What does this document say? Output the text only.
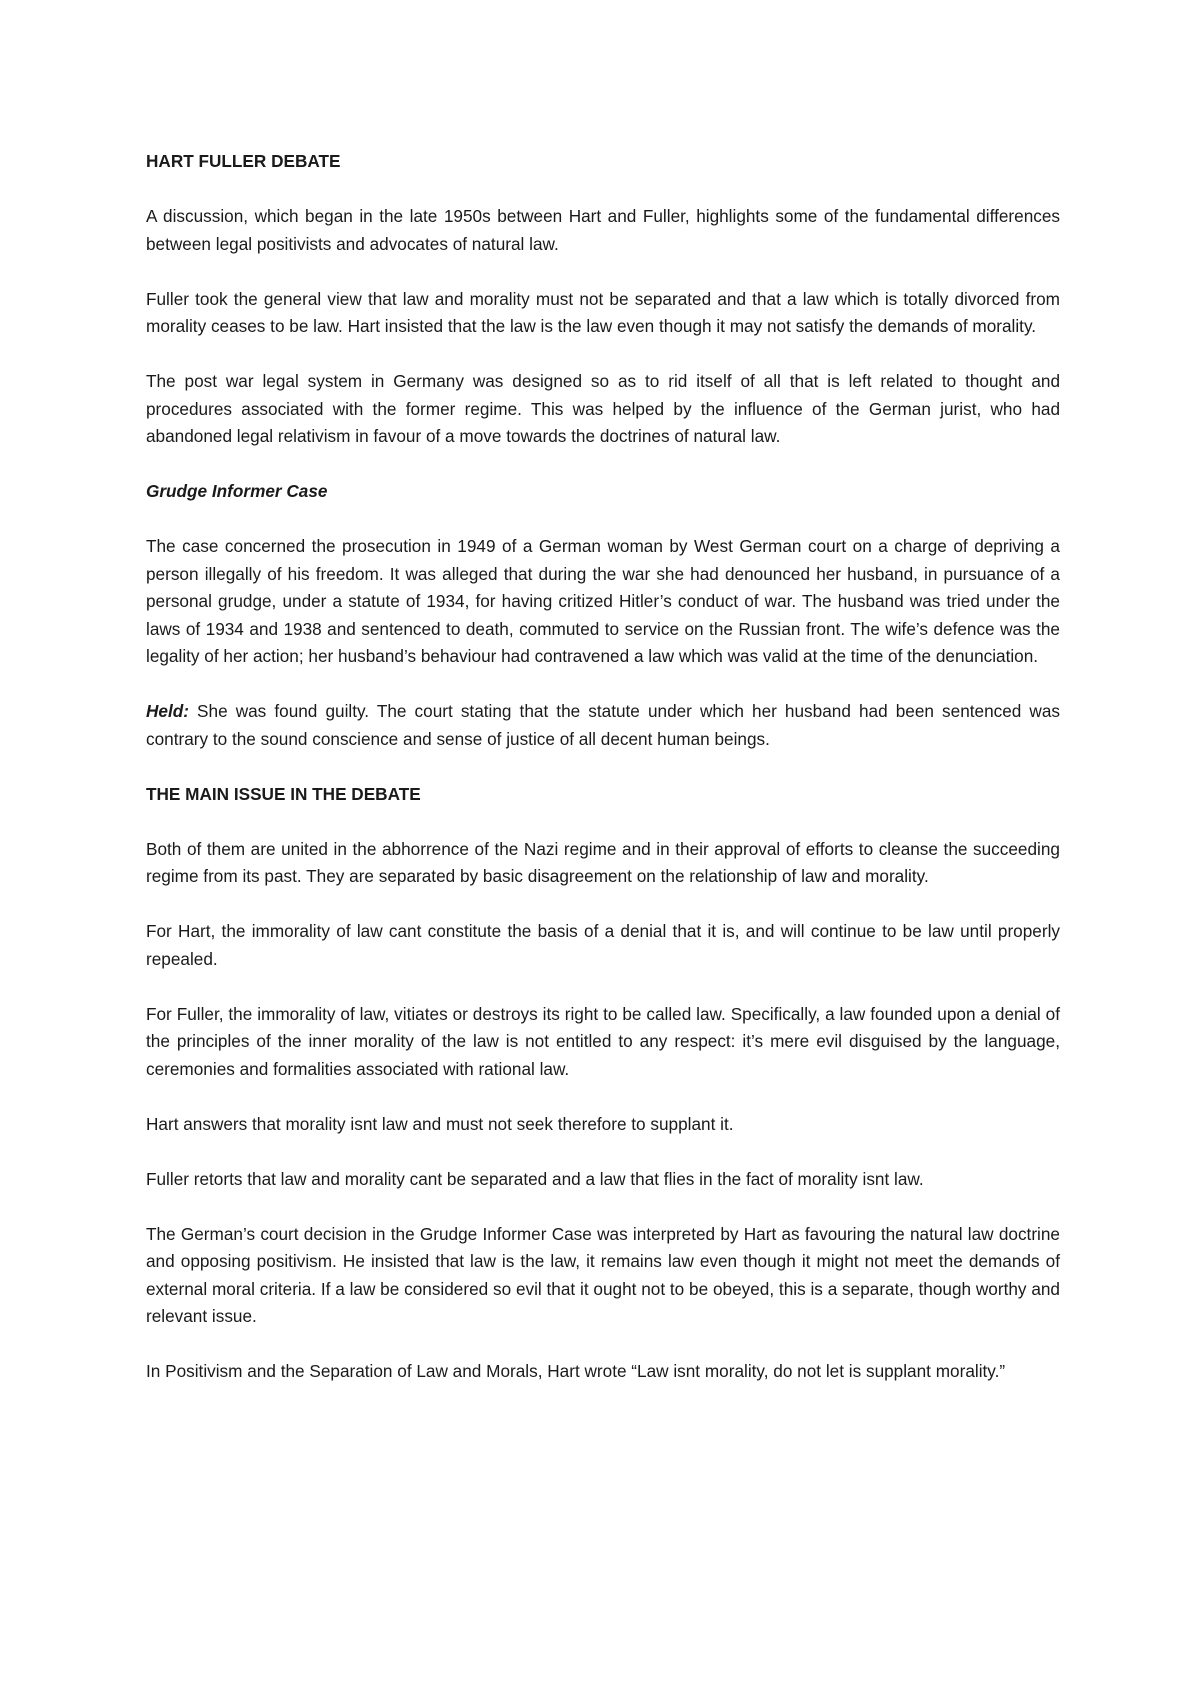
HART FULLER DEBATE

A discussion, which began in the late 1950s between Hart and Fuller, highlights some of the fundamental differences between legal positivists and advocates of natural law.

Fuller took the general view that law and morality must not be separated and that a law which is totally divorced from morality ceases to be law. Hart insisted that the law is the law even though it may not satisfy the demands of morality.

The post war legal system in Germany was designed so as to rid itself of all that is left related to thought and procedures associated with the former regime. This was helped by the influence of the German jurist, who had abandoned legal relativism in favour of a move towards the doctrines of natural law.

Grudge Informer Case

The case concerned the prosecution in 1949 of a German woman by West German court on a charge of depriving a person illegally of his freedom. It was alleged that during the war she had denounced her husband, in pursuance of a personal grudge, under a statute of 1934, for having critized Hitler’s conduct of war. The husband was tried under the laws of 1934 and 1938 and sentenced to death, commuted to service on the Russian front. The wife’s defence was the legality of her action; her husband’s behaviour had contravened a law which was valid at the time of the denunciation.

Held: She was found guilty. The court stating that the statute under which her husband had been sentenced was contrary to the sound conscience and sense of justice of all decent human beings.

THE MAIN ISSUE IN THE DEBATE

Both of them are united in the abhorrence of the Nazi regime and in their approval of efforts to cleanse the succeeding regime from its past. They are separated by basic disagreement on the relationship of law and morality.

For Hart, the immorality of law cant constitute the basis of a denial that it is, and will continue to be law until properly repealed.

For Fuller, the immorality of law, vitiates or destroys its right to be called law. Specifically, a law founded upon a denial of the principles of the inner morality of the law is not entitled to any respect: it’s mere evil disguised by the language, ceremonies and formalities associated with rational law.

Hart answers that morality isnt law and must not seek therefore to supplant it.

Fuller retorts that law and morality cant be separated and a law that flies in the fact of morality isnt law.

The German’s court decision in the Grudge Informer Case was interpreted by Hart as favouring the natural law doctrine and opposing positivism. He insisted that law is the law, it remains law even though it might not meet the demands of external moral criteria. If a law be considered so evil that it ought not to be obeyed, this is a separate, though worthy and relevant issue.

In Positivism and the Separation of Law and Morals, Hart wrote “Law isnt morality, do not let is supplant morality.”
